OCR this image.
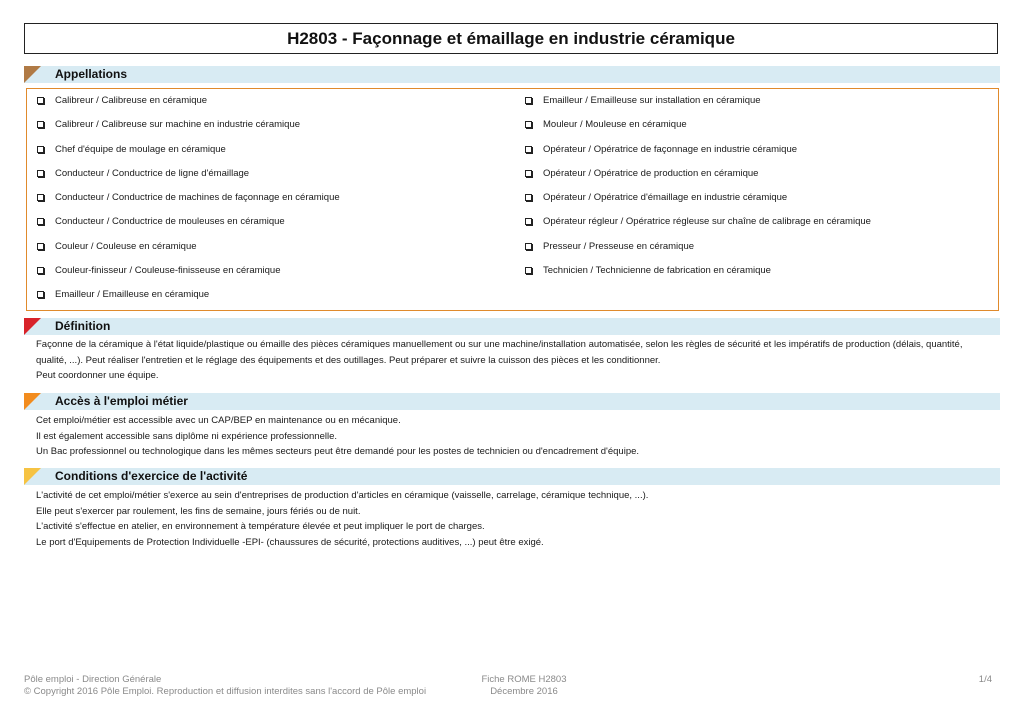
H2803 - Façonnage et émaillage en industrie céramique
Appellations
Calibreur / Calibreuse en céramique
Calibreur / Calibreuse sur machine en industrie céramique
Chef d'équipe de moulage en céramique
Conducteur / Conductrice de ligne d'émaillage
Conducteur / Conductrice de machines de façonnage en céramique
Conducteur / Conductrice de mouleuses en céramique
Couleur / Couleuse en céramique
Couleur-finisseur / Couleuse-finisseuse en céramique
Emailleur / Emailleuse en céramique
Emailleur / Emailleuse sur installation en céramique
Mouleur / Mouleuse en céramique
Opérateur / Opératrice de façonnage en industrie céramique
Opérateur / Opératrice de production en céramique
Opérateur / Opératrice d'émaillage en industrie céramique
Opérateur régleur / Opératrice régleuse sur chaîne de calibrage en céramique
Presseur / Presseuse en céramique
Technicien / Technicienne de fabrication en céramique
Définition

Façonne de la céramique à l'état liquide/plastique ou émaille des pièces céramiques manuellement ou sur une machine/installation automatisée, selon les règles de sécurité et les impératifs de production (délais, quantité,

qualité, ...). Peut réaliser l'entretien et le réglage des équipements et des outillages. Peut préparer et suivre la cuisson des pièces et les conditionner.

Peut coordonner une équipe.

Accès à l'emploi métier

Cet emploi/métier est accessible avec un CAP/BEP en maintenance ou en mécanique.

Il est également accessible sans diplôme ni expérience professionnelle.

Un Bac professionnel ou technologique dans les mêmes secteurs peut être demandé pour les postes de technicien ou d'encadrement d'équipe.

Conditions d'exercice de l'activité

L'activité de cet emploi/métier s'exerce au sein d'entreprises de production d'articles en céramique (vaisselle, carrelage, céramique technique, ...).

Elle peut s'exercer par roulement, les fins de semaine, jours fériés ou de nuit.

L'activité s'effectue en atelier, en environnement à température élevée et peut impliquer le port de charges.

Le port d'Equipements de Protection Individuelle -EPI- (chaussures de sécurité, protections auditives, ...) peut être exigé.

Pôle emploi - Direction Générale
© Copyright 2016 Pôle Emploi. Reproduction et diffusion interdites sans l'accord de Pôle emploi
Fiche ROME H2803
Décembre 2016
1/4
